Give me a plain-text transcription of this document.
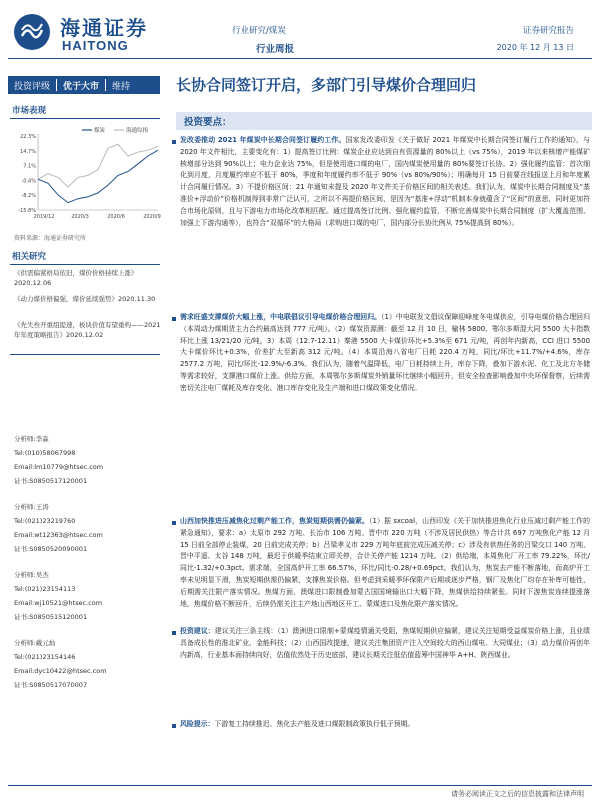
海通证券
HAITONG
行业研究/煤炭
行业周报
证券研究报告
2020 年 12 月 13 日
投资评级	优于大市	维持	长协合同签订开启，多部门引导煤价合理回归
市场表现
22.3%
14.7%
7.1%
-0.4%
-8.2%
-15.8%
2019/12	2020/3	2020/6	2020/9
煤炭	海通综指
资料来源：海通证券研究所
相关研究
《供需偏紧格局依旧，煤价价格持续上涨》2020.12.06
《动力煤价格偏强，煤价延续强势》2020.11.30
《先失叁开重组提速，板块价值有望重构——2021 年年度策略报告》2020.12.02
分析师:李淼
Tel:(010)58067998
Email:lm10779@htsec.com
证书:S0850517120001
分析师:王涛
Tel:(021)23219760
Email:wt12363@htsec.com
证书:S0850520090001
分析师:吴杰
Tel:(021)23154113
Email:wj10521@htsec.com
证书:S0850515120001
分析师:戴元灿
Tel:(021)23154146
Email:dyc10422@htsec.com
证书:S0850517070007
投资要点：
发改委推动 2021 年煤炭中长期合同签订履约工作。国家发改委印发《关于做好 2021 年煤炭中长期合同签订履行工作的通知》，与 2020 年文件相比，主要变化有：1）提高签订比例：煤炭企业应达到自有资源量的 80%以上（vs 75%），2019 年以来核增产能煤矿核增部分达到 90%以上；电力企业达 75%，但是使用进口煤的电厂，国内煤炭使用量的 80%要签订长协。2）强化履约监管：首次细化到月度，月度履约率应不低于 80%，季度和年度履约率不低于 90%（vs 80%/90%）；明确每月 15 日前要在线报送上月和年度累计合同履行情况。3）不提价格区间：21 年通知未提及 2020 年文件关于价格区间的相关表述。我们认为，煤炭中长期合同制度及“基准价+浮动价”价格机制得到非常广泛认可，之所以不再提价格区间，是因为“基准+浮动”机制本身就蕴含了“区间”的意思，同时更加符合市场化原则，且与下游电力市场化改革相匹配。通过提高签订比例、强化履约监管，不断完善煤炭中长期合同制度（扩大覆盖范围、加强上下游沟通等），也符合“双循环”的大格局（求购进口煤的电厂，国内部分长协比例从 75%提高到 80%）。
需求旺盛支撑煤价大幅上涨，中电联倡议引导电煤价格合理回归。（1）中电联发文倡议保障迎峰度冬电煤供应，引导电煤价格合理回归（本周动力煤期货主力合约最高达到 777 元/吨）。（2）煤炭资源测：截至 12 月 10 日，榆林 5800、鄂尔多斯混大同 5500 大卡指数环比上涨 13/21/20 元/吨。3）本周（12.7-12.11）秦港 5500 大卡煤价环比+5.3%至 671 元/吨，再创年内新高，CCI 进口 5500 大卡煤价环比+0.3%，价差扩大至新高 312 元/吨。（4）本周沿海八省电厂日耗 220.4 万吨，同比/环比+11.7%/+4.6%，库存 2577.2 万吨，同比/环比-12.9%/-6.3%。我们认为，随着气温降低，电厂日耗持续上升，库存下降，叠加下游水泥、化工及北方冬储等需求较好，支撑港口煤价上涨。供给方面，本周鄂尔多斯煤炭外销量环比继续小幅回升，但安全检查影响叠加中央环保督察，后续需密切关注电厂煤耗及库存变化、港口库存变化及生产端和进口煤政策变化情况。
山西加快推进压减焦化过剩产能工作，焦炭短期供需仍偏紧。（1）据 sxcoal，山西印发《关于加快推进焦化行业压减过剩产能工作的紧急通知》，要求：a）太原市 292 万吨、长治市 106 万吨、晋中市 220 万吨（不涉及居民供热）等合计共 697 万吨焦化产能 12 月 15 日前全部停止装煤，20 日前完成关停；b）吕梁孝义市 229 万吨年底前完成压减关停；c）涉及有供热任务的吕梁交口 140 万吨、晋中平遥、太谷 148 万吨，最迟于供暖季结束立即关停，合计关停产能 1214 万吨。（2）供给端，本周焦化厂开工率 79.22%，环比/同比-1.32/+0.3pct。需求端，全国高炉开工率 66.57%，环比/同比-0.28/+0.69pct。我们认为，焦炭去产能不断落地，而高炉开工率未见明显下滑，焦炭短期供需仍偏紧，支撑焦炭价格。但考虑到采暖季环保限产后期或逐步严格，钢厂及焦化厂均存在补库可能性，后期需关注限产落实情况。焦煤方面，澳煤进口限制叠加蒙古国国境输出口大幅下降，焦煤供给持续紧张。同时下游焦炭连续提涨落地，焦煤价格不断回升，后续仍需关注主产地山西地区开工、蒙煤进口及焦化限产落实情况。
投资建议：建议关注三条主线：（1）澳洲进口限制+蒙煤疫情通关受阻，焦煤短期供应偏紧，建议关注短期受益煤炭价格上涨，且业绩具备成长性的淮北矿业、金能科技；（2）山西国改提速，建议关注集团资产注入空间较大的西山煤电、大同煤业；（3）动力煤价再创年内新高，行业基本面持续向好，估值依然处于历史底部，建议长期关注低估值蓝筹中国神华 A+H、陕西煤业。
风险提示：下游复工持续推迟、焦化去产能及进口煤限制政策执行低于预期。
请务必阅读正文之后的信息披露和法律声明
